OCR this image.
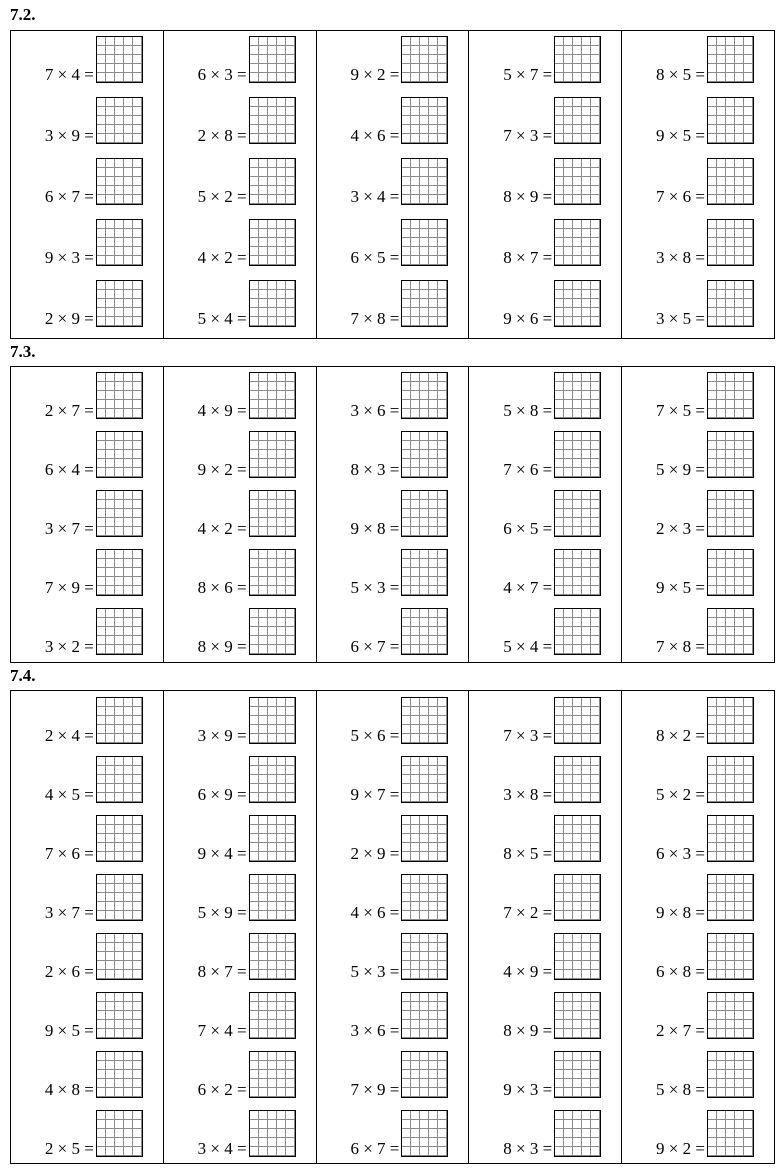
7.2.
7 × 4 =
3 × 9 =
6 × 7 =
9 × 3 =
2 × 9 =
6 × 3 =
2 × 8 =
5 × 2 =
4 × 2 =
5 × 4 =
9 × 2 =
4 × 6 =
3 × 4 =
6 × 5 =
7 × 8 =
5 × 7 =
7 × 3 =
8 × 9 =
8 × 7 =
9 × 6 =
8 × 5 =
9 × 5 =
7 × 6 =
3 × 8 =
3 × 5 =
7.3.
2 × 7 =
6 × 4 =
3 × 7 =
7 × 9 =
3 × 2 =
4 × 9 =
9 × 2 =
4 × 2 =
8 × 6 =
8 × 9 =
3 × 6 =
8 × 3 =
9 × 8 =
5 × 3 =
6 × 7 =
5 × 8 =
7 × 6 =
6 × 5 =
4 × 7 =
5 × 4 =
7 × 5 =
5 × 9 =
2 × 3 =
9 × 5 =
7 × 8 =
7.4.
2 × 4 =
4 × 5 =
7 × 6 =
3 × 7 =
2 × 6 =
9 × 5 =
4 × 8 =
2 × 5 =
3 × 9 =
6 × 9 =
9 × 4 =
5 × 9 =
8 × 7 =
7 × 4 =
6 × 2 =
3 × 4 =
5 × 6 =
9 × 7 =
2 × 9 =
4 × 6 =
5 × 3 =
3 × 6 =
7 × 9 =
6 × 7 =
7 × 3 =
3 × 8 =
8 × 5 =
7 × 2 =
4 × 9 =
8 × 9 =
9 × 3 =
8 × 3 =
8 × 2 =
5 × 2 =
6 × 3 =
9 × 8 =
6 × 8 =
2 × 7 =
5 × 8 =
9 × 2 =
